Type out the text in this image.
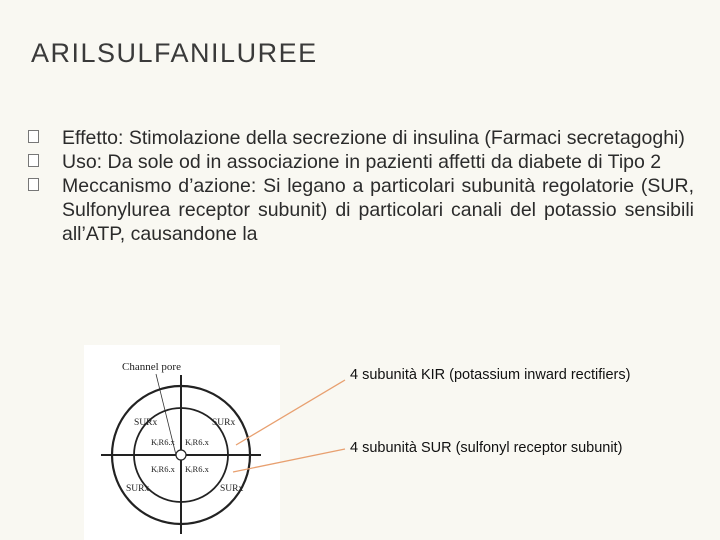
ARILSULFANILUREE
Effetto: Stimolazione della secrezione di insulina (Farmaci secretagoghi)
Uso: Da sole od in associazione in pazienti affetti da diabete di Tipo 2
Meccanismo d’azione: Si legano a particolari subunità regolatorie (SUR, Sulfonylurea receptor subunit) di particolari canali del potassio sensibili all’ATP, causandone la
Channel pore
SURx	SURx
SURx	SURx
KᵢR6.x KᵢR6.x
KᵢR6.x KᵢR6.x
4 subunità KIR (potassium inward rectifiers)
4 subunità SUR (sulfonyl receptor subunit)
